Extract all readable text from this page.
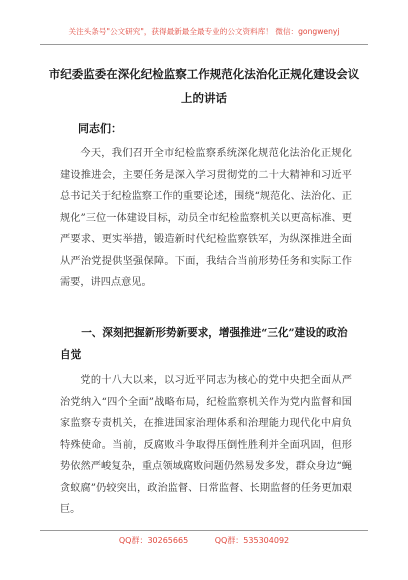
关注头条号"公文研究"，获得最新最全最专业的公文资料库！ 微信：gongwenyj
市纪委监委在深化纪检监察工作规范化法治化正规化建设会议上的讲话
同志们：
今天，我们召开全市纪检监察系统深化规范化法治化正规化建设推进会，主要任务是深入学习贯彻党的二十大精神和习近平总书记关于纪检监察工作的重要论述，围绕“规范化、法治化、正规化”三位一体建设目标，动员全市纪检监察机关以更高标准、更严要求、更实举措，锻造新时代纪检监察铁军，为纵深推进全面从严治党提供坚强保障。下面，我结合当前形势任务和实际工作需要，讲四点意见。
一、深刻把握新形势新要求，增强推进“三化”建设的政治自觉
党的十八大以来，以习近平同志为核心的党中央把全面从严治党纳入“四个全面”战略布局，纪检监察机关作为党内监督和国家监察专责机关，在推进国家治理体系和治理能力现代化中肩负特殊使命。当前，反腐败斗争取得压倒性胜利并全面巩固，但形势依然严峻复杂，重点领域腐败问题仍然易发多发，群众身边“蝇贪蚁腐”仍较突出，政治监督、日常监督、长期监督的任务更加艰巨。
QQ群：30265665	QQ群：535304092
